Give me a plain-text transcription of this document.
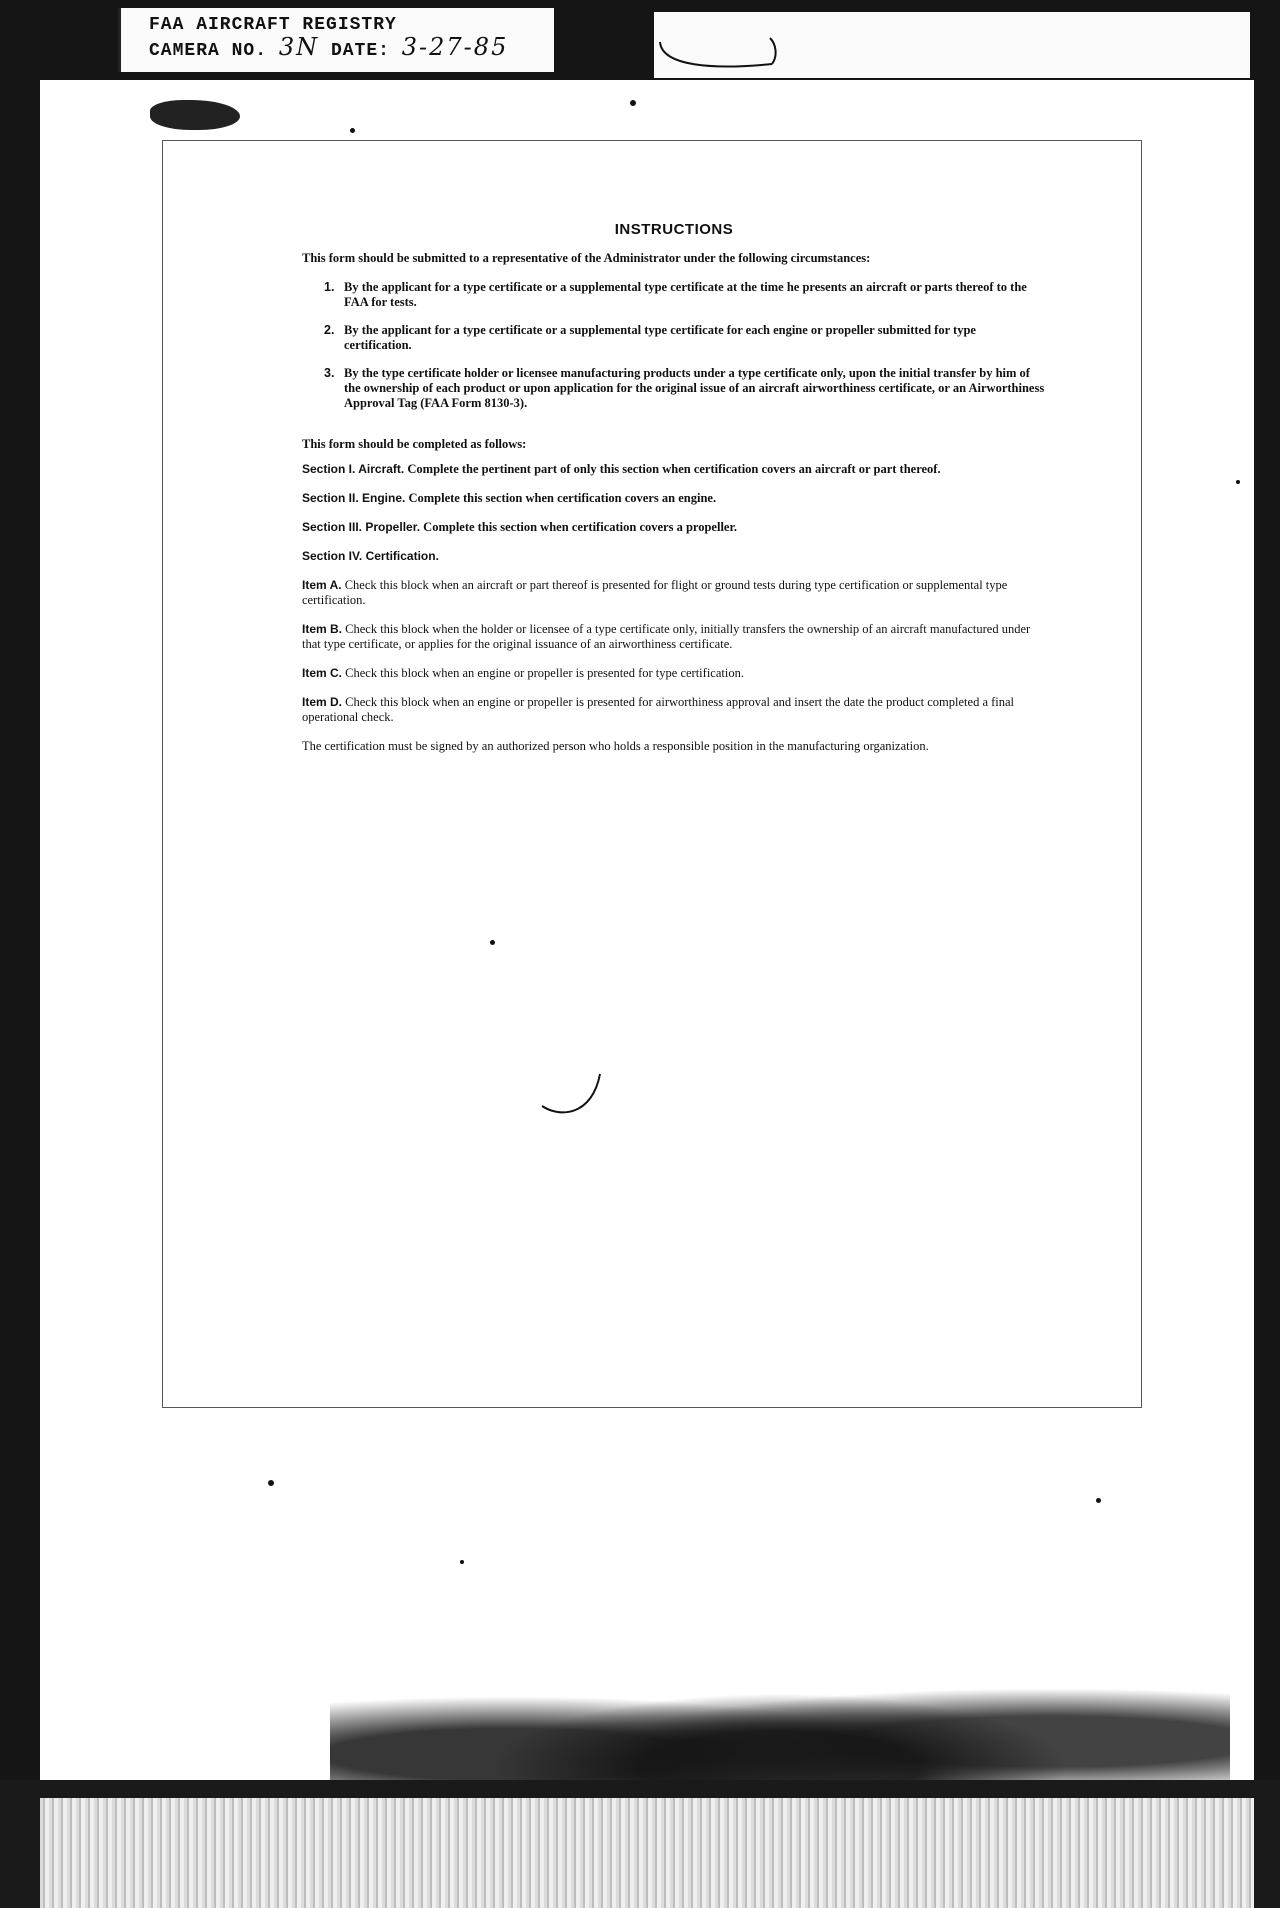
FAA AIRCRAFT REGISTRY
CAMERA NO. 3N DATE: 3-27-85
INSTRUCTIONS

This form should be submitted to a representative of the Administrator under the following circumstances:

1. By the applicant for a type certificate or a supplemental type certificate at the time he presents an aircraft or parts thereof to the FAA for tests.
2. By the applicant for a type certificate or a supplemental type certificate for each engine or propeller submitted for type certification.
3. By the type certificate holder or licensee manufacturing products under a type certificate only, upon the initial transfer by him of the ownership of each product or upon application for the original issue of an aircraft airworthiness certificate, or an Airworthiness Approval Tag (FAA Form 8130-3).

This form should be completed as follows:

Section I. Aircraft. Complete the pertinent part of only this section when certification covers an aircraft or part thereof.

Section II. Engine. Complete this section when certification covers an engine.

Section III. Propeller. Complete this section when certification covers a propeller.

Section IV. Certification.

Item A. Check this block when an aircraft or part thereof is presented for flight or ground tests during type certification or supplemental type certification.

Item B. Check this block when the holder or licensee of a type certificate only, initially transfers the ownership of an aircraft manufactured under that type certificate, or applies for the original issuance of an airworthiness certificate.

Item C. Check this block when an engine or propeller is presented for type certification.

Item D. Check this block when an engine or propeller is presented for airworthiness approval and insert the date the product completed a final operational check.

The certification must be signed by an authorized person who holds a responsible position in the manufacturing organization.
